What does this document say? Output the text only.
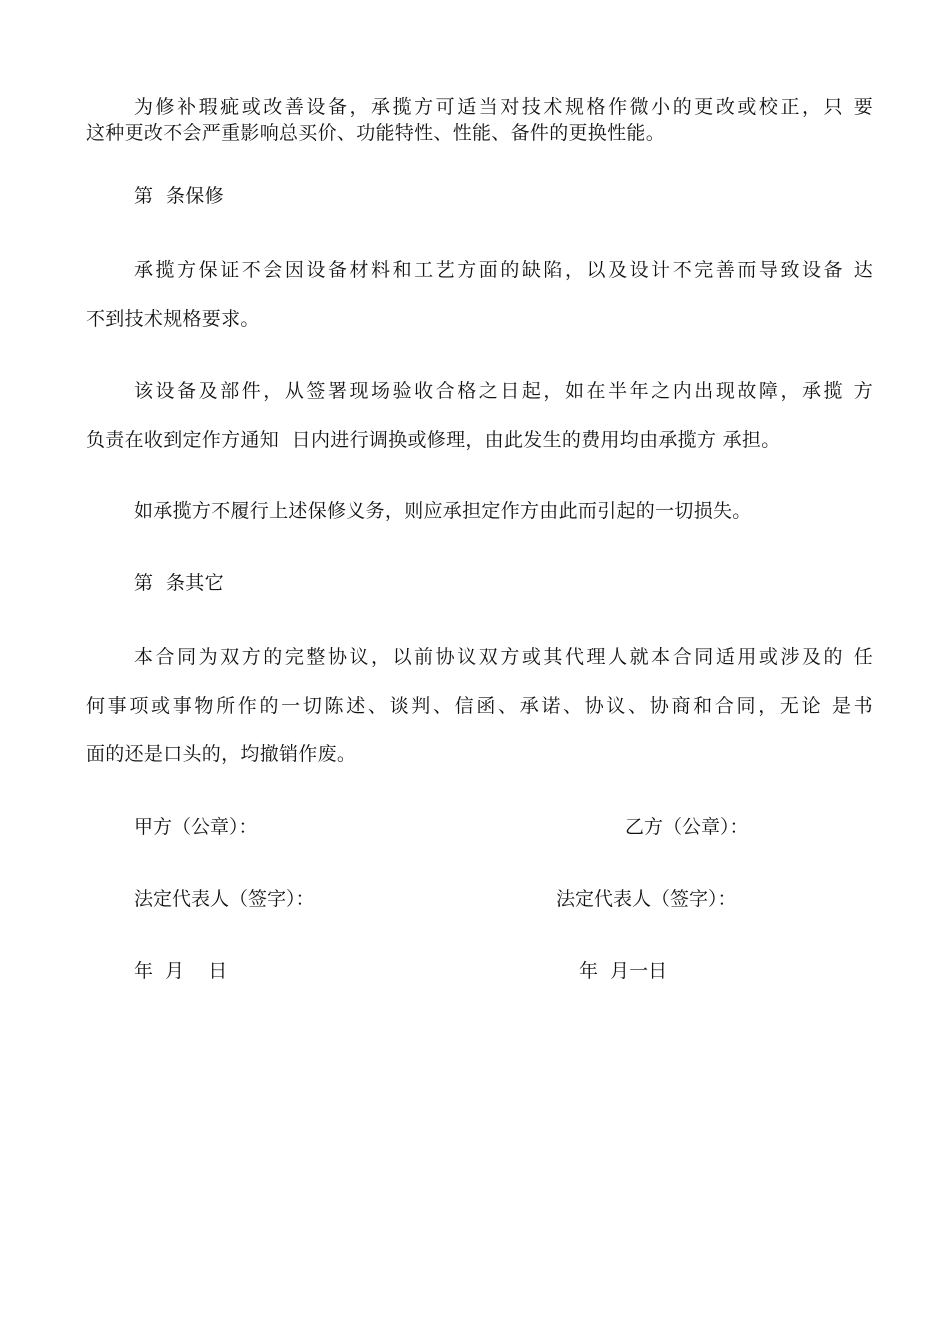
为修补瑕疵或改善设备，承揽方可适当对技术规格作微小的更改或校正，只 要
这种更改不会严重影响总买价、功能特性、性能、备件的更换性能。
第  条保修
承揽方保证不会因设备材料和工艺方面的缺陷，以及设计不完善而导致设备 达
不到技术规格要求。
该设备及部件，从签署现场验收合格之日起，如在半年之内出现故障，承揽 方
负责在收到定作方通知  日内进行调换或修理，由此发生的费用均由承揽方 承担。
如承揽方不履行上述保修义务，则应承担定作方由此而引起的一切损失。
第  条其它
本合同为双方的完整协议，以前协议双方或其代理人就本合同适用或涉及的 任
何事项或事物所作的一切陈述、谈判、信函、承诺、协议、协商和合同，无论 是书
面的还是口头的，均撤销作废。
甲方（公章）：	乙方（公章）：
法定代表人（签字）：	法定代表人（签字）：
年  月    日	年  月一日
